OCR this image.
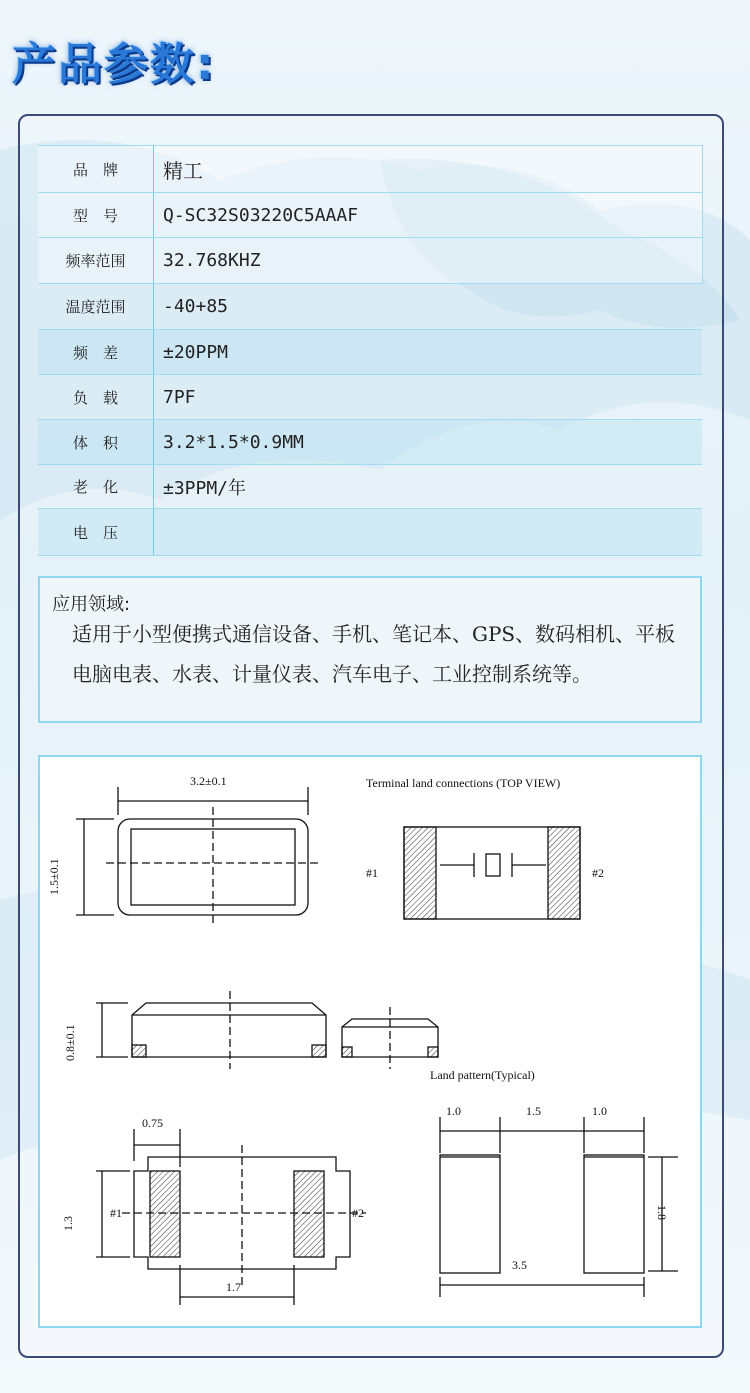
产品参数:
品　牌	精工
型　号	Q-SC32S03220C5AAAF
频率范围	32.768KHZ
温度范围	-40+85
频　差	±20PPM
负　载	7PF
体　积	3.2*1.5*0.9MM
老　化	±3PPM/年
电　压	
应用领域:
适用于小型便携式通信设备、手机、笔记本、GPS、数码相机、平板电脑电表、水表、计量仪表、汽车电子、工业控制系统等。
3.2±0.1
1.5±0.1
Terminal land connections (TOP VIEW)
#1	#2
0.8±0.1
Land pattern(Typical)
0.75
1.3
#1	#2
1.7
1.0	1.5	1.0
1.8
3.5
